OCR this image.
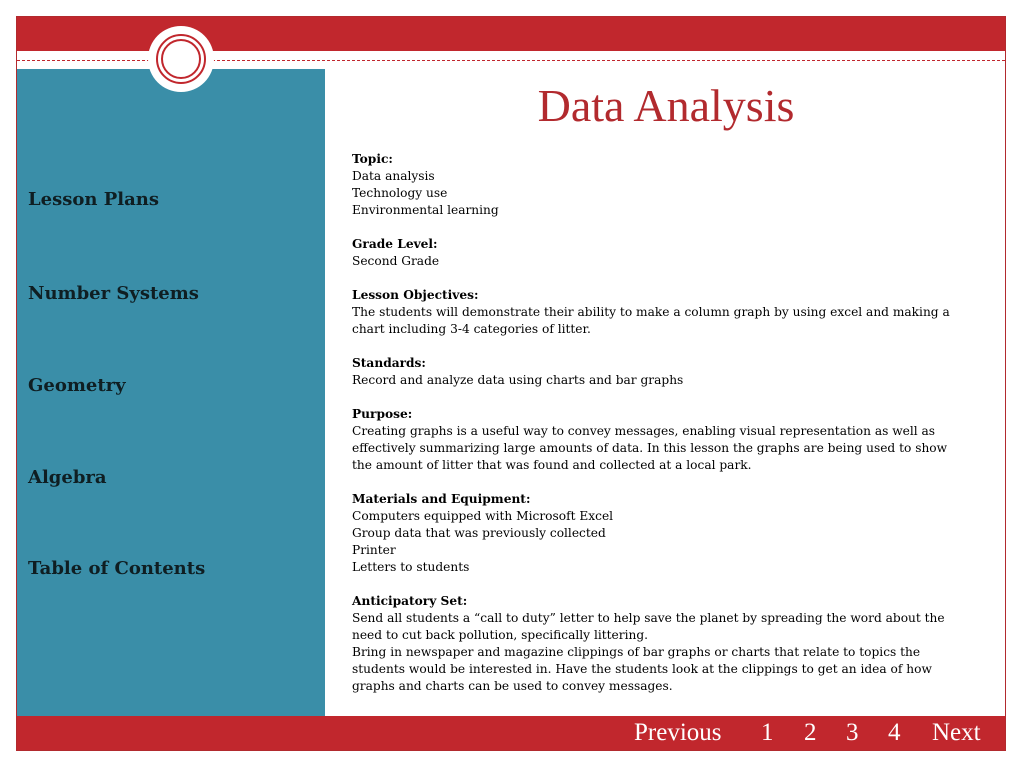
Lesson Plans
Number Systems
Geometry
Algebra
Table of Contents
Data Analysis
Topic:
Data analysis
Technology use
Environmental learning
Grade Level:
Second Grade
Lesson Objectives:
The students will demonstrate their ability to make a column graph by using excel and making a chart including 3-4 categories of litter.
Standards:
Record and analyze data using charts and bar graphs
Purpose:
Creating graphs is a useful way to convey messages, enabling visual representation as well as effectively summarizing large amounts of data. In this lesson the graphs are being used to show the amount of litter that was found and collected at a local park.
Materials and Equipment:
Computers equipped with Microsoft Excel
Group data that was previously collected
Printer
Letters to students
Anticipatory Set:
Send all students a “call to duty” letter to help save the planet by spreading the word about the need to cut back pollution, specifically littering.
Bring in newspaper and magazine clippings of bar graphs or charts that relate to topics the students would be interested in. Have the students look at the clippings to get an idea of how graphs and charts can be used to convey messages.
Previous 1 2 3 4 Next
